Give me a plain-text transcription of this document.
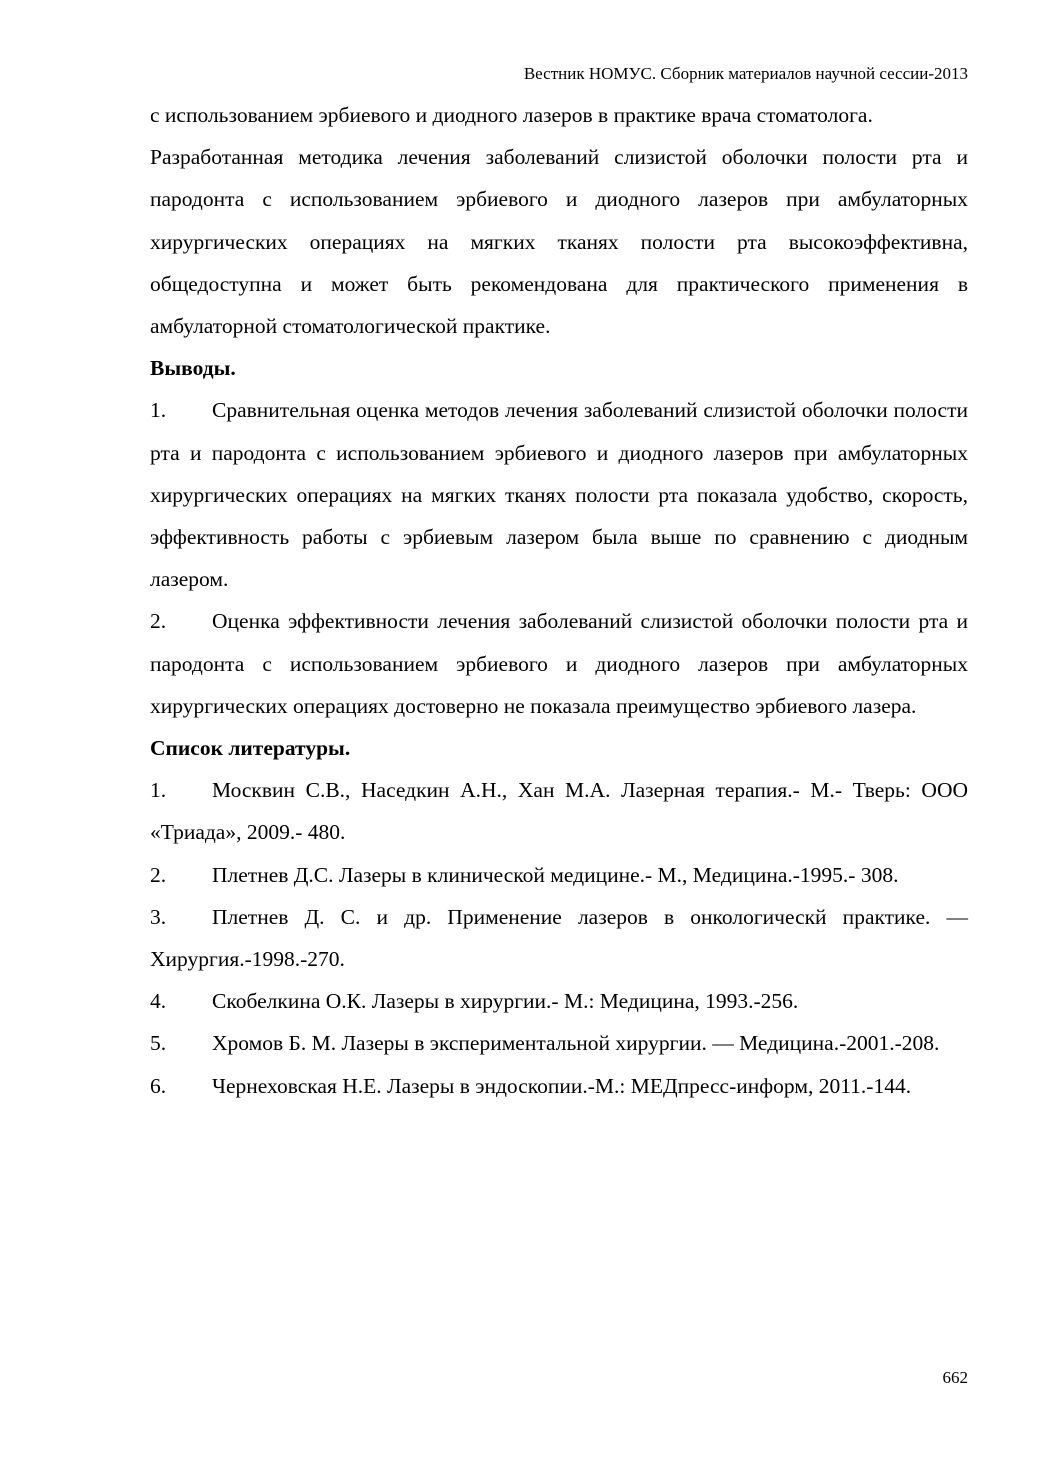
Вестник НОМУС. Сборник материалов научной сессии-2013

с использованием эрбиевого и диодного лазеров в практике врача стоматолога.

Разработанная методика лечения заболеваний слизистой оболочки полости рта и пародонта с использованием эрбиевого и диодного лазеров при амбулаторных хирургических операциях на мягких тканях полости рта высокоэффективна, общедоступна и может быть рекомендована для практического применения в амбулаторной стоматологической практике.

Выводы.

1. Сравнительная оценка методов лечения заболеваний слизистой оболочки полости рта и пародонта с использованием эрбиевого и диодного лазеров при амбулаторных хирургических операциях на мягких тканях полости рта показала удобство, скорость, эффективность работы с эрбиевым лазером была выше по сравнению с диодным лазером.

2. Оценка эффективности лечения заболеваний слизистой оболочки полости рта и пародонта с использованием эрбиевого и диодного лазеров при амбулаторных хирургических операциях достоверно не показала преимущество эрбиевого лазера.

Список литературы.

1. Москвин С.В., Наседкин А.Н., Хан М.А. Лазерная терапия.- М.- Тверь: ООО «Триада», 2009.- 480.

2. Плетнев Д.С. Лазеры в клинической медицине.- М., Медицина.-1995.- 308.

3. Плетнев Д. С. и др. Применение лазеров в онкологическй практике. — Хирургия.-1998.-270.

4. Скобелкина О.К. Лазеры в хирургии.- М.: Медицина, 1993.-256.

5. Хромов Б. М. Лазеры в экспериментальной хирургии. — Медицина.-2001.-208.

6. Чернеховская Н.Е. Лазеры в эндоскопии.-М.: МЕДпресс-информ, 2011.-144.

662
